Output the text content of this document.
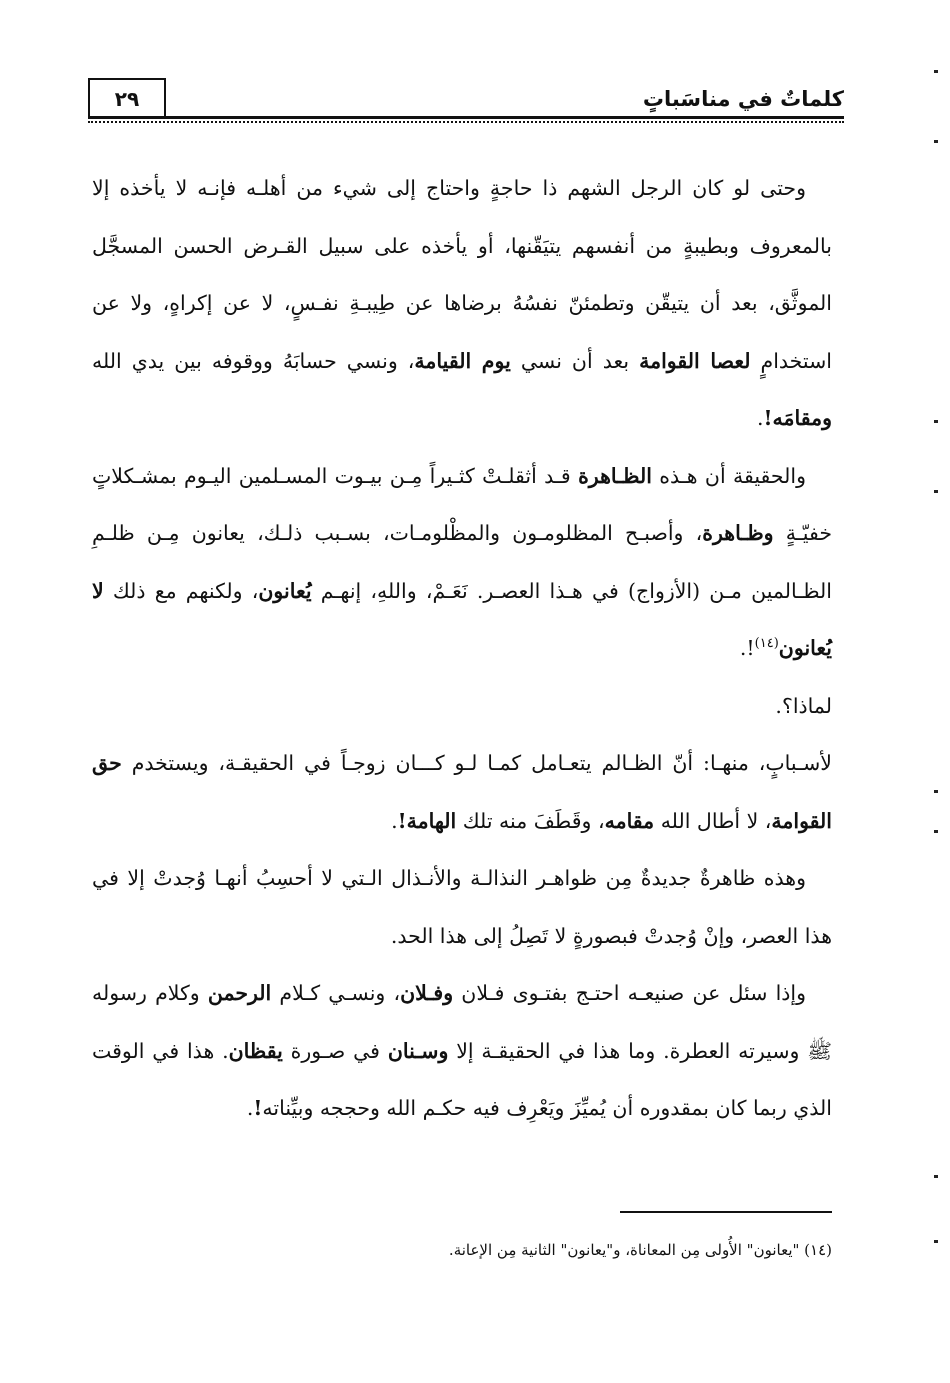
كلماتٌ في مناسَباتٍ
٢٩

وحتى لو كان الرجل الشهم ذا حاجةٍ واحتاج إلى شيء من أهلـه فإنـه لا يأخذه إلا بالمعروف وبطيبةٍ من أنفسهم يتيَقّنها، أو يأخذه على سبيل القـرض الحسن المسجَّل الموثَّق، بعد أن يتيقّن وتطمئنّ نفسُهُ برضاها عن طِيبـةِ نفـسٍ، لا عن إكراهٍ، ولا عن استخدامٍ لعصا القوامة بعد أن نسي يوم القيامة، ونسي حسابَهُ ووقوفه بين يدي الله ومقامَه!.

والحقيقة أن هـذه الظـاهرة قـد أثقلـتْ كثـيراً مِـن بيـوت المسـلمين اليـوم بمشـكلاتٍ خفيّـةٍ وظـاهرة، وأصبـح المظلومـون والمظْلومـات، بسـبب ذلـك، يعانون مِـن ظلـمِ الظـالمين مـن (الأزواج) في هـذا العصـر. نَعَـمْ، واللهِ، إنهـم يُعانون، ولكنهم مع ذلك لا يُعانون$^{(١٤)}$!.

لماذا؟.

لأسـبابٍ، منهـا: أنّ الظـالم يتعـامل كمـا لـو كـــان زوجـاً في الحقيقـة، ويستخدم حق القوامة، لا أطال الله مقامه، وقَطَفَ منه تلك الهامة!.

وهذه ظاهرةٌ جديدةٌ مِن ظواهـر النذالـة والأنـذال الـتي لا أحسِبُ أنهـا وُجدتْ إلا في هذا العصر، وإنْ وُجدتْ فبصورةٍ لا تَصِلُ إلى هذا الحد.

وإذا سئل عن صنيعـه احتـج بفتـوى فـلان وفـلان، ونسـي كـلام الرحمن وكلام رسوله ﷺ وسيرته العطرة. وما هذا في الحقيقـة إلا وسـنان في صـورة يقظان. هذا في الوقت الذي ربما كان بمقدوره أن يُميِّزَ ويَعْرِف فيه حكـم الله وحججه وبيِّناته!.

(١٤) "يعانون" الأُولى مِن المعاناة، و"يعانون" الثانية مِن الإعانة.
